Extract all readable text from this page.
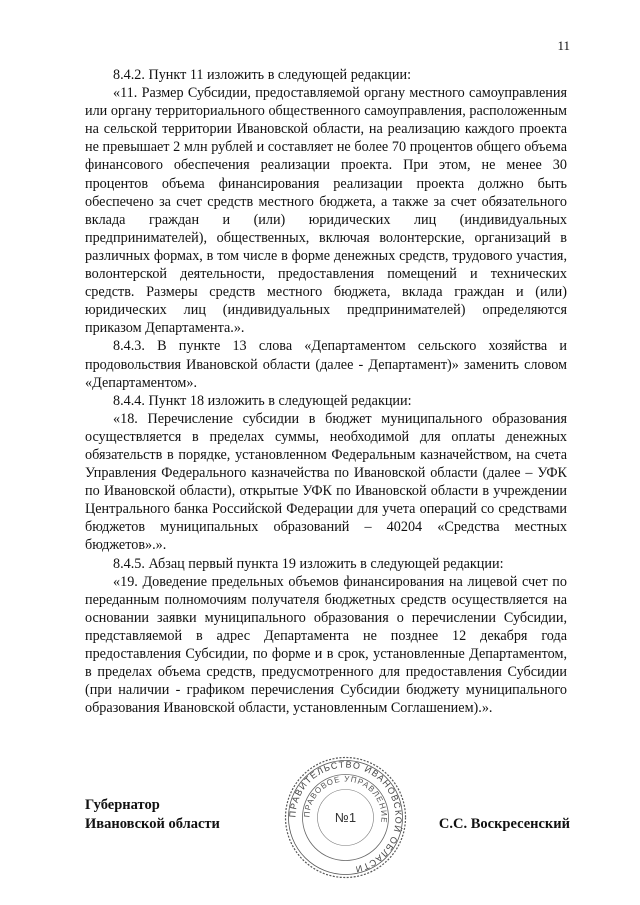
11

8.4.2. Пункт 11 изложить в следующей редакции:

«11. Размер Субсидии, предоставляемой органу местного самоуправления или органу территориального общественного самоуправления, расположенным на сельской территории Ивановской области, на реализацию каждого проекта не превышает 2 млн рублей и составляет не более 70 процентов общего объема финансового обеспечения реализации проекта. При этом, не менее 30 процентов объема финансирования реализации проекта должно быть обеспечено за счет средств местного бюджета, а также за счет обязательного вклада граждан и (или) юридических лиц (индивидуальных предпринимателей), общественных, включая волонтерские, организаций в различных формах, в том числе в форме денежных средств, трудового участия, волонтерской деятельности, предоставления помещений и технических средств. Размеры средств местного бюджета, вклада граждан и (или) юридических лиц (индивидуальных предпринимателей) определяются приказом Департамента.».

8.4.3. В пункте 13 слова «Департаментом сельского хозяйства и продовольствия Ивановской области (далее - Департамент)» заменить словом «Департаментом».

8.4.4. Пункт 18 изложить в следующей редакции:

«18. Перечисление субсидии в бюджет муниципального образования осуществляется в пределах суммы, необходимой для оплаты денежных обязательств в порядке, установленном Федеральным казначейством, на счета Управления Федерального казначейства по Ивановской области (далее – УФК по Ивановской области), открытые УФК по Ивановской области в учреждении Центрального банка Российской Федерации для учета операций со средствами бюджетов муниципальных образований – 40204 «Средства местных бюджетов».».

8.4.5. Абзац первый пункта 19 изложить в следующей редакции:

«19. Доведение предельных объемов финансирования на лицевой счет по переданным полномочиям получателя бюджетных средств осуществляется на основании заявки муниципального образования о перечислении Субсидии, представляемой в адрес Департамента не позднее 12 декабря года предоставления Субсидии, по форме и в срок, установленные Департаментом, в пределах объема средств, предусмотренного для предоставления Субсидии (при наличии - графиком перечисления Субсидии бюджету муниципального образования Ивановской области, установленным Соглашением).».

Губернатор
Ивановской области
ПРАВИТЕЛЬСТВО ИВАНОВСКОЙ ОБЛАСТИ
ПРАВОВОЕ УПРАВЛЕНИЕ
№1	С.С. Воскресенский
